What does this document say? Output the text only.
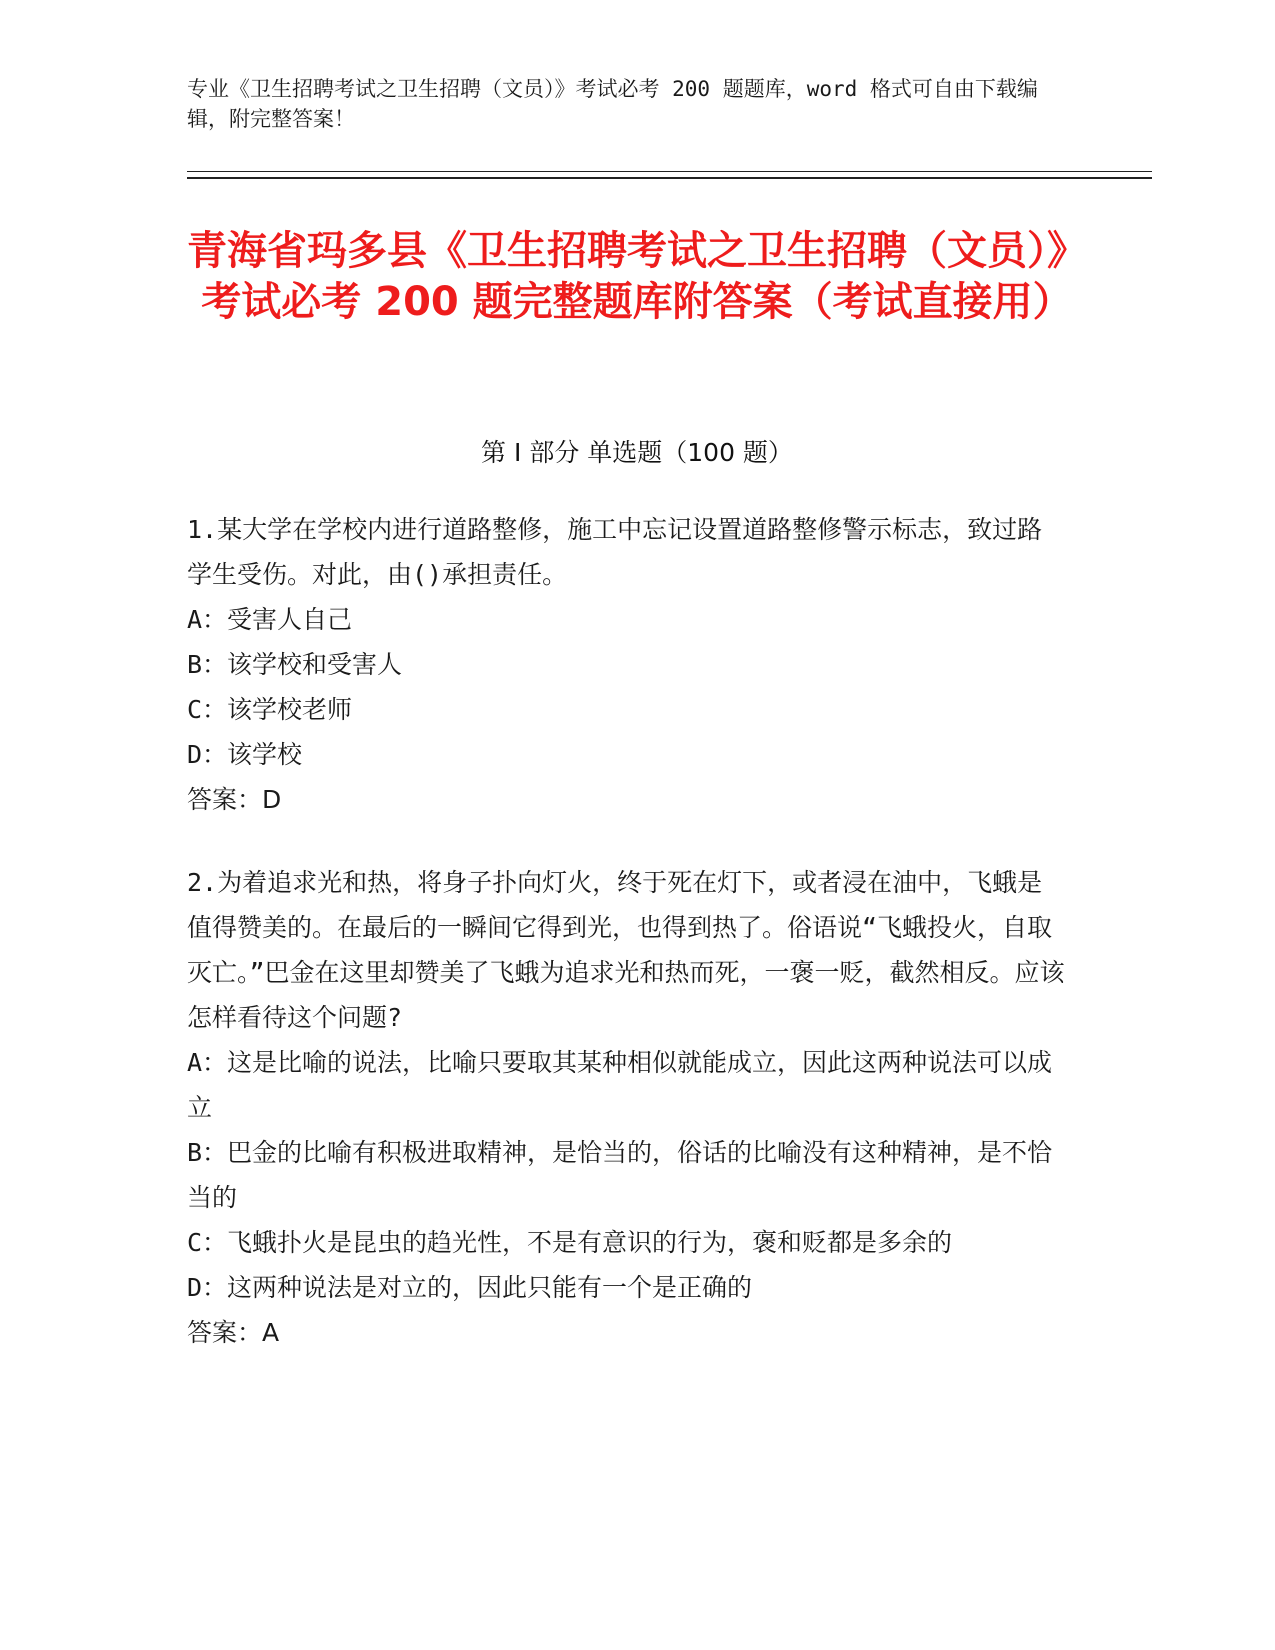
专业《卫生招聘考试之卫生招聘（文员）》考试必考 200 题题库，word 格式可自由下载编辑，附完整答案！
青海省玛多县《卫生招聘考试之卫生招聘（文员）》考试必考 200 题完整题库附答案（考试直接用）
第 I 部分 单选题（100 题）

1.某大学在学校内进行道路整修，施工中忘记设置道路整修警示标志，致过路学生受伤。对此，由()承担责任。

A：受害人自己

B：该学校和受害人

C：该学校老师

D：该学校

答案：D

2.为着追求光和热，将身子扑向灯火，终于死在灯下，或者浸在油中，飞蛾是值得赞美的。在最后的一瞬间它得到光，也得到热了。俗语说“飞蛾投火，自取灭亡。”巴金在这里却赞美了飞蛾为追求光和热而死，一褒一贬，截然相反。应该怎样看待这个问题?

A：这是比喻的说法，比喻只要取其某种相似就能成立，因此这两种说法可以成立

B：巴金的比喻有积极进取精神，是恰当的，俗话的比喻没有这种精神，是不恰当的

C：飞蛾扑火是昆虫的趋光性，不是有意识的行为，褒和贬都是多余的

D：这两种说法是对立的，因此只能有一个是正确的

答案：A
